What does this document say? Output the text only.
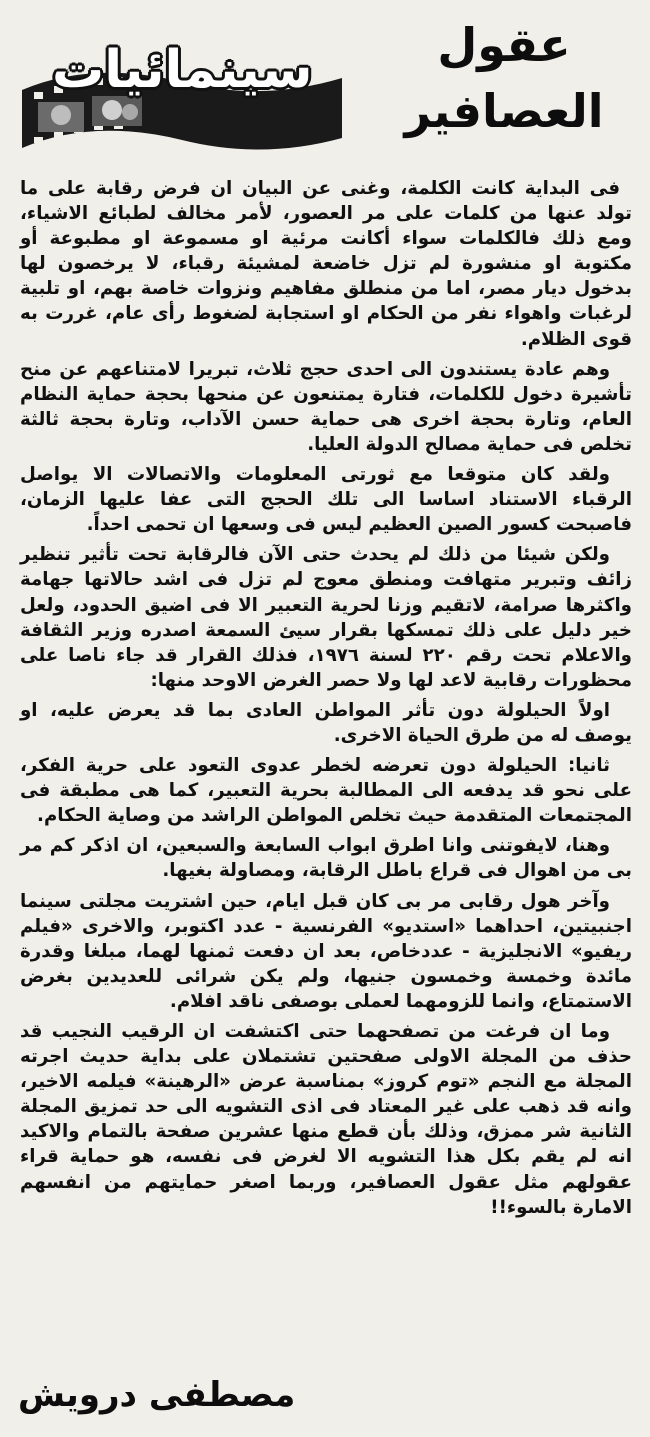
سينمائيات	عقول
العصافير

فى البداية كانت الكلمة، وغنى عن البيان ان فرض رقابة على ما تولد عنها من كلمات على مر العصور، لأمر مخالف لطبائع الاشياء، ومع ذلك فالكلمات سواء أكانت مرئية او مسموعة او مطبوعة أو مكتوبة او منشورة لم تزل خاضعة لمشيئة رقباء، لا يرخصون لها بدخول ديار مصر، اما من منطلق مفاهيم ونزوات خاصة بهم، او تلبية لرغبات واهواء نفر من الحكام او استجابة لضغوط رأى عام، غررت به قوى الظلام.

وهم عادة يستندون الى احدى حجج ثلاث، تبريرا لامتناعهم عن منح تأشيرة دخول للكلمات، فتارة يمتنعون عن منحها بحجة حماية النظام العام، وتارة بحجة اخرى هى حماية حسن الآداب، وتارة بحجة ثالثة تخلص فى حماية مصالح الدولة العليا.

ولقد كان متوقعا مع ثورتى المعلومات والاتصالات الا يواصل الرقباء الاستناد اساسا الى تلك الحجج التى عفا عليها الزمان، فاصبحت كسور الصين العظيم ليس فى وسعها ان تحمى احداً.

ولكن شيئا من ذلك لم يحدث حتى الآن فالرقابة تحت تأثير تنظير زائف وتبرير متهافت ومنطق معوج لم تزل فى اشد حالاتها جهامة واكثرها صرامة، لاتقيم وزنا لحرية التعبير الا فى اضيق الحدود، ولعل خير دليل على ذلك تمسكها بقرار سيئ السمعة اصدره وزير الثقافة والاعلام تحت رقم ٢٢٠ لسنة ١٩٧٦، فذلك القرار قد جاء ناصا على محظورات رقابية لاعد لها ولا حصر الغرض الاوحد منها:

اولاً الحيلولة دون تأثر المواطن العادى بما قد يعرض عليه، او يوصف له من طرق الحياة الاخرى.

ثانيا: الحيلولة دون تعرضه لخطر عدوى التعود على حرية الفكر، على نحو قد يدفعه الى المطالبة بحرية التعبير، كما هى مطبقة فى المجتمعات المتقدمة حيث تخلص المواطن الراشد من وصاية الحكام.

وهنا، لايفوتنى وانا اطرق ابواب السابعة والسبعين، ان اذكر كم مر بى من اهوال فى قراع باطل الرقابة، ومصاولة بغيها.

وآخر هول رقابى مر بى كان قبل ايام، حين اشتريت مجلتى سينما اجنبيتين، احداهما «استديو» الفرنسية - عدد اكتوبر، والاخرى «فيلم ريفيو» الانجليزية - عددخاص، بعد ان دفعت ثمنها لهما، مبلغا وقدرة مائدة وخمسة وخمسون جنيها، ولم يكن شرائى للعديدين بغرض الاستمتاع، وانما للزومهما لعملى بوصفى ناقد افلام.

وما ان فرغت من تصفحهما حتى اكتشفت ان الرقيب النجيب قد حذف من المجلة الاولى صفحتين تشتملان على بداية حديث اجرته المجلة مع النجم «توم كروز» بمناسبة عرض «الرهينة» فيلمه الاخير، وانه قد ذهب على غير المعتاد فى اذى التشويه الى حد تمزيق المجلة الثانية شر ممزق، وذلك بأن قطع منها عشرين صفحة بالتمام والاكيد انه لم يقم بكل هذا التشويه الا لغرض فى نفسه، هو حماية قراء عقولهم مثل عقول العصافير، وربما اصغر حمايتهم من انفسهم الامارة بالسوء!!

مصطفى درويش
